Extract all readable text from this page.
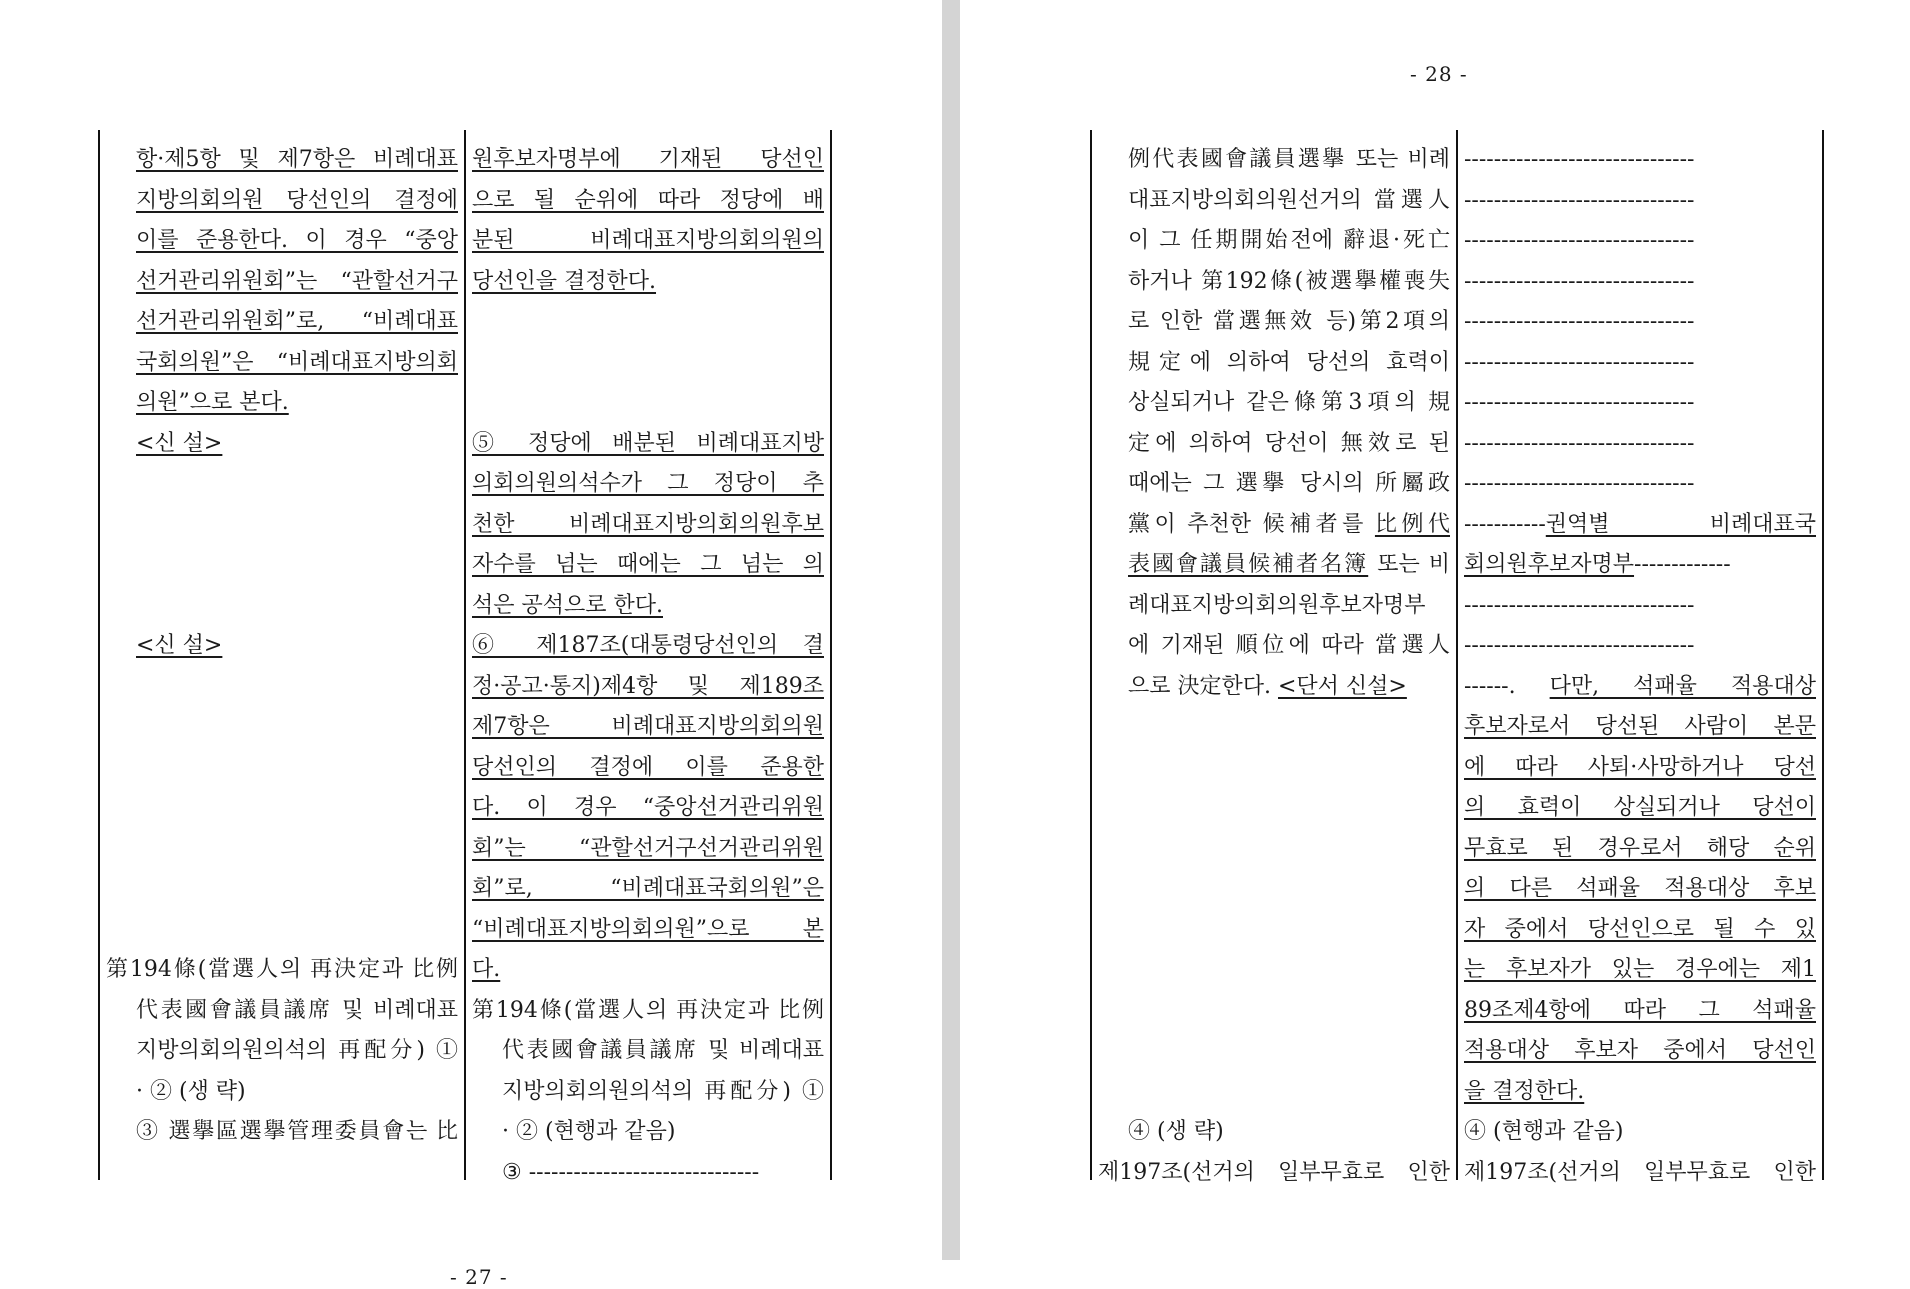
항·제5항 및 제7항은 비례대표
지방의회의원 당선인의 결정에
이를 준용한다. 이 경우 “중앙
선거관리위원회”는 “관할선거구
선거관리위원회”로, “비례대표
국회의원”은 “비례대표지방의회
의원”으로 본다.
<신 설>
<신 설>
第194條(當選人의 再決定과 比例
代表國會議員議席 및 비례대표
지방의회의원의석의 再配分) ①
· ② (생 략)
③ 選擧區選擧管理委員會는 比
원후보자명부에 기재된 당선인
으로 될 순위에 따라 정당에 배
분된 비례대표지방의회의원의
당선인을 결정한다.
⑤ 정당에 배분된 비례대표지방
의회의원의석수가 그 정당이 추
천한 비례대표지방의회의원후보
자수를 넘는 때에는 그 넘는 의
석은 공석으로 한다.
⑥ 제187조(대통령당선인의 결
정·공고·통지)제4항 및 제189조
제7항은 비례대표지방의회의원
당선인의 결정에 이를 준용한
다. 이 경우 “중앙선거관리위원
회”는 “관할선거구선거관리위원
회”로, “비례대표국회의원”은
“비례대표지방의회의원”으로 본
다.
第194條(當選人의 再決定과 比例
代表國會議員議席 및 비례대표
지방의회의원의석의 再配分) ①
· ② (현행과 같음)
③ -------------------------------
- 27 -
- 28 -
例代表國會議員選擧 또는 비례
대표지방의회의원선거의 當選人
이 그 任期開始전에 辭退·死亡
하거나 第192條(被選擧權喪失
로 인한 當選無效 등)第2項의
規定에 의하여 당선의 효력이
상실되거나 같은條第3項의 規
定에 의하여 당선이 無效로 된
때에는 그 選擧 당시의 所屬政
黨이 추천한 候補者를 比例代
表國會議員候補者名簿 또는 비
례대표지방의회의원후보자명부
에 기재된 順位에 따라 當選人
으로 決定한다. <단서 신설>
④ (생 략)
제197조(선거의 일부무효로 인한
-------------------------------
-------------------------------
-------------------------------
-------------------------------
-------------------------------
-------------------------------
-------------------------------
-------------------------------
-------------------------------
-----------권역별 비례대표국
회의원후보자명부-------------
-------------------------------
-------------------------------
------. 다만, 석패율 적용대상
후보자로서 당선된 사람이 본문
에 따라 사퇴·사망하거나 당선
의 효력이 상실되거나 당선이
무효로 된 경우로서 해당 순위
의 다른 석패율 적용대상 후보
자 중에서 당선인으로 될 수 있
는 후보자가 있는 경우에는 제1
89조제4항에 따라 그 석패율
적용대상 후보자 중에서 당선인
을 결정한다.
④ (현행과 같음)
제197조(선거의 일부무효로 인한
